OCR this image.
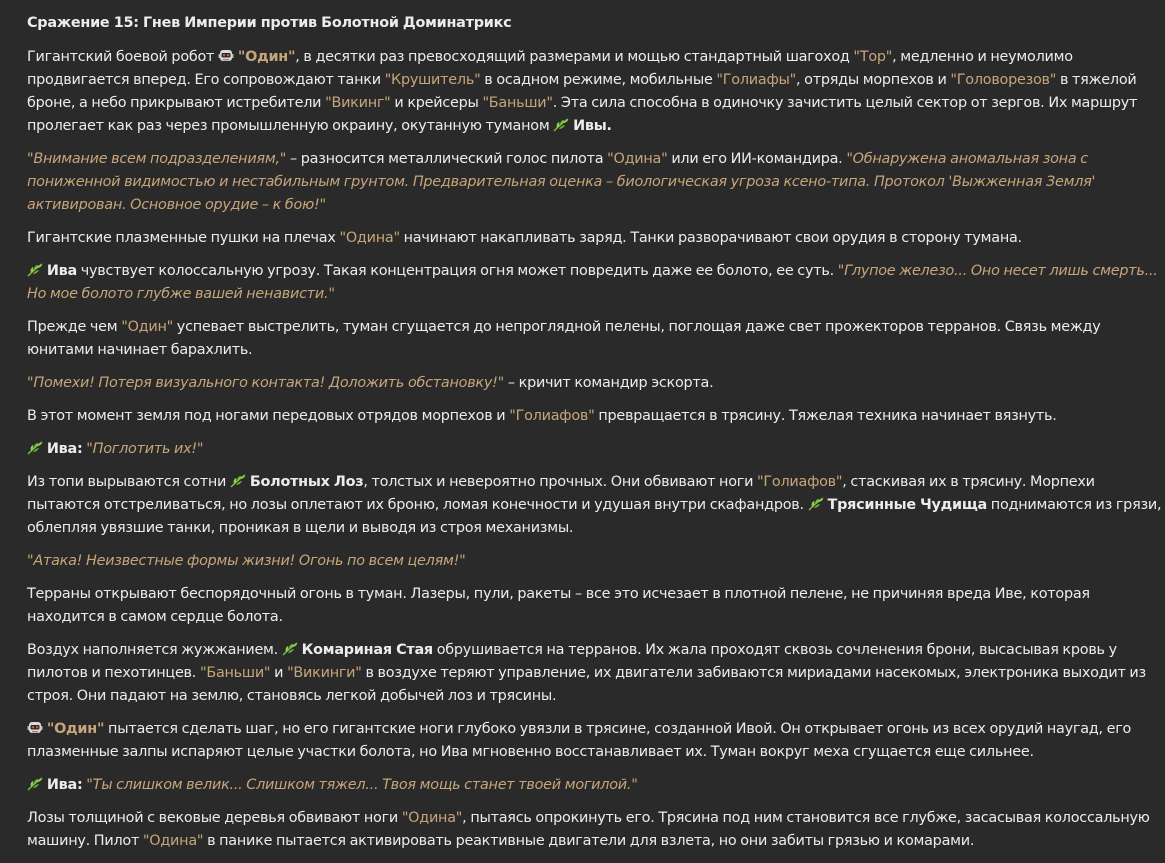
Сражение 15: Гнев Империи против Болотной Доминатрикс
Гигантский боевой робот
"Один", в десятки раз превосходящий размерами и мощью стандартный шагоход "Тор", медленно и неумолимо продвигается вперед. Его сопровождают танки "Крушитель" в осадном режиме, мобильные "Голиафы", отряды морпехов и "Головорезов" в тяжелой броне, а небо прикрывают истребители "Викинг" и крейсеры "Баньши". Эта сила способна в одиночку зачистить целый сектор от зергов. Их маршрут пролегает как раз через промышленную окраину, окутанную туманом
Ивы.
"Внимание всем подразделениям," – разносится металлический голос пилота "Одина" или его ИИ-командира. "Обнаружена аномальная зона с пониженной видимостью и нестабильным грунтом. Предварительная оценка – биологическая угроза ксено-типа. Протокол 'Выжженная Земля' активирован. Основное орудие – к бою!"
Гигантские плазменные пушки на плечах "Одина" начинают накапливать заряд. Танки разворачивают свои орудия в сторону тумана.
Ива чувствует колоссальную угрозу. Такая концентрация огня может повредить даже ее болото, ее суть. "Глупое железо... Оно несет лишь смерть... Но мое болото глубже вашей ненависти."
Прежде чем "Один" успевает выстрелить, туман сгущается до непроглядной пелены, поглощая даже свет прожекторов терранов. Связь между юнитами начинает барахлить.
"Помехи! Потеря визуального контакта! Доложить обстановку!" – кричит командир эскорта.
В этот момент земля под ногами передовых отрядов морпехов и "Голиафов" превращается в трясину. Тяжелая техника начинает вязнуть.
Ива: "Поглотить их!"
Из топи вырываются сотни
Болотных Лоз, толстых и невероятно прочных. Они обвивают ноги "Голиафов", стаскивая их в трясину. Морпехи пытаются отстреливаться, но лозы оплетают их броню, ломая конечности и удушая внутри скафандров.
Трясинные Чудища поднимаются из грязи, облепляя увязшие танки, проникая в щели и выводя из строя механизмы.
"Атака! Неизвестные формы жизни! Огонь по всем целям!"
Терраны открывают беспорядочный огонь в туман. Лазеры, пули, ракеты – все это исчезает в плотной пелене, не причиняя вреда Иве, которая находится в самом сердце болота.
Воздух наполняется жужжанием.
Комариная Стая обрушивается на терранов. Их жала проходят сквозь сочленения брони, высасывая кровь у пилотов и пехотинцев. "Баньши" и "Викинги" в воздухе теряют управление, их двигатели забиваются мириадами насекомых, электроника выходит из строя. Они падают на землю, становясь легкой добычей лоз и трясины.
"Один" пытается сделать шаг, но его гигантские ноги глубоко увязли в трясине, созданной Ивой. Он открывает огонь из всех орудий наугад, его плазменные залпы испаряют целые участки болота, но Ива мгновенно восстанавливает их. Туман вокруг меха сгущается еще сильнее.
Ива: "Ты слишком велик... Слишком тяжел... Твоя мощь станет твоей могилой."
Лозы толщиной с вековые деревья обвивают ноги "Одина", пытаясь опрокинуть его. Трясина под ним становится все глубже, засасывая колоссальную машину. Пилот "Одина" в панике пытается активировать реактивные двигатели для взлета, но они забиты грязью и комарами.
